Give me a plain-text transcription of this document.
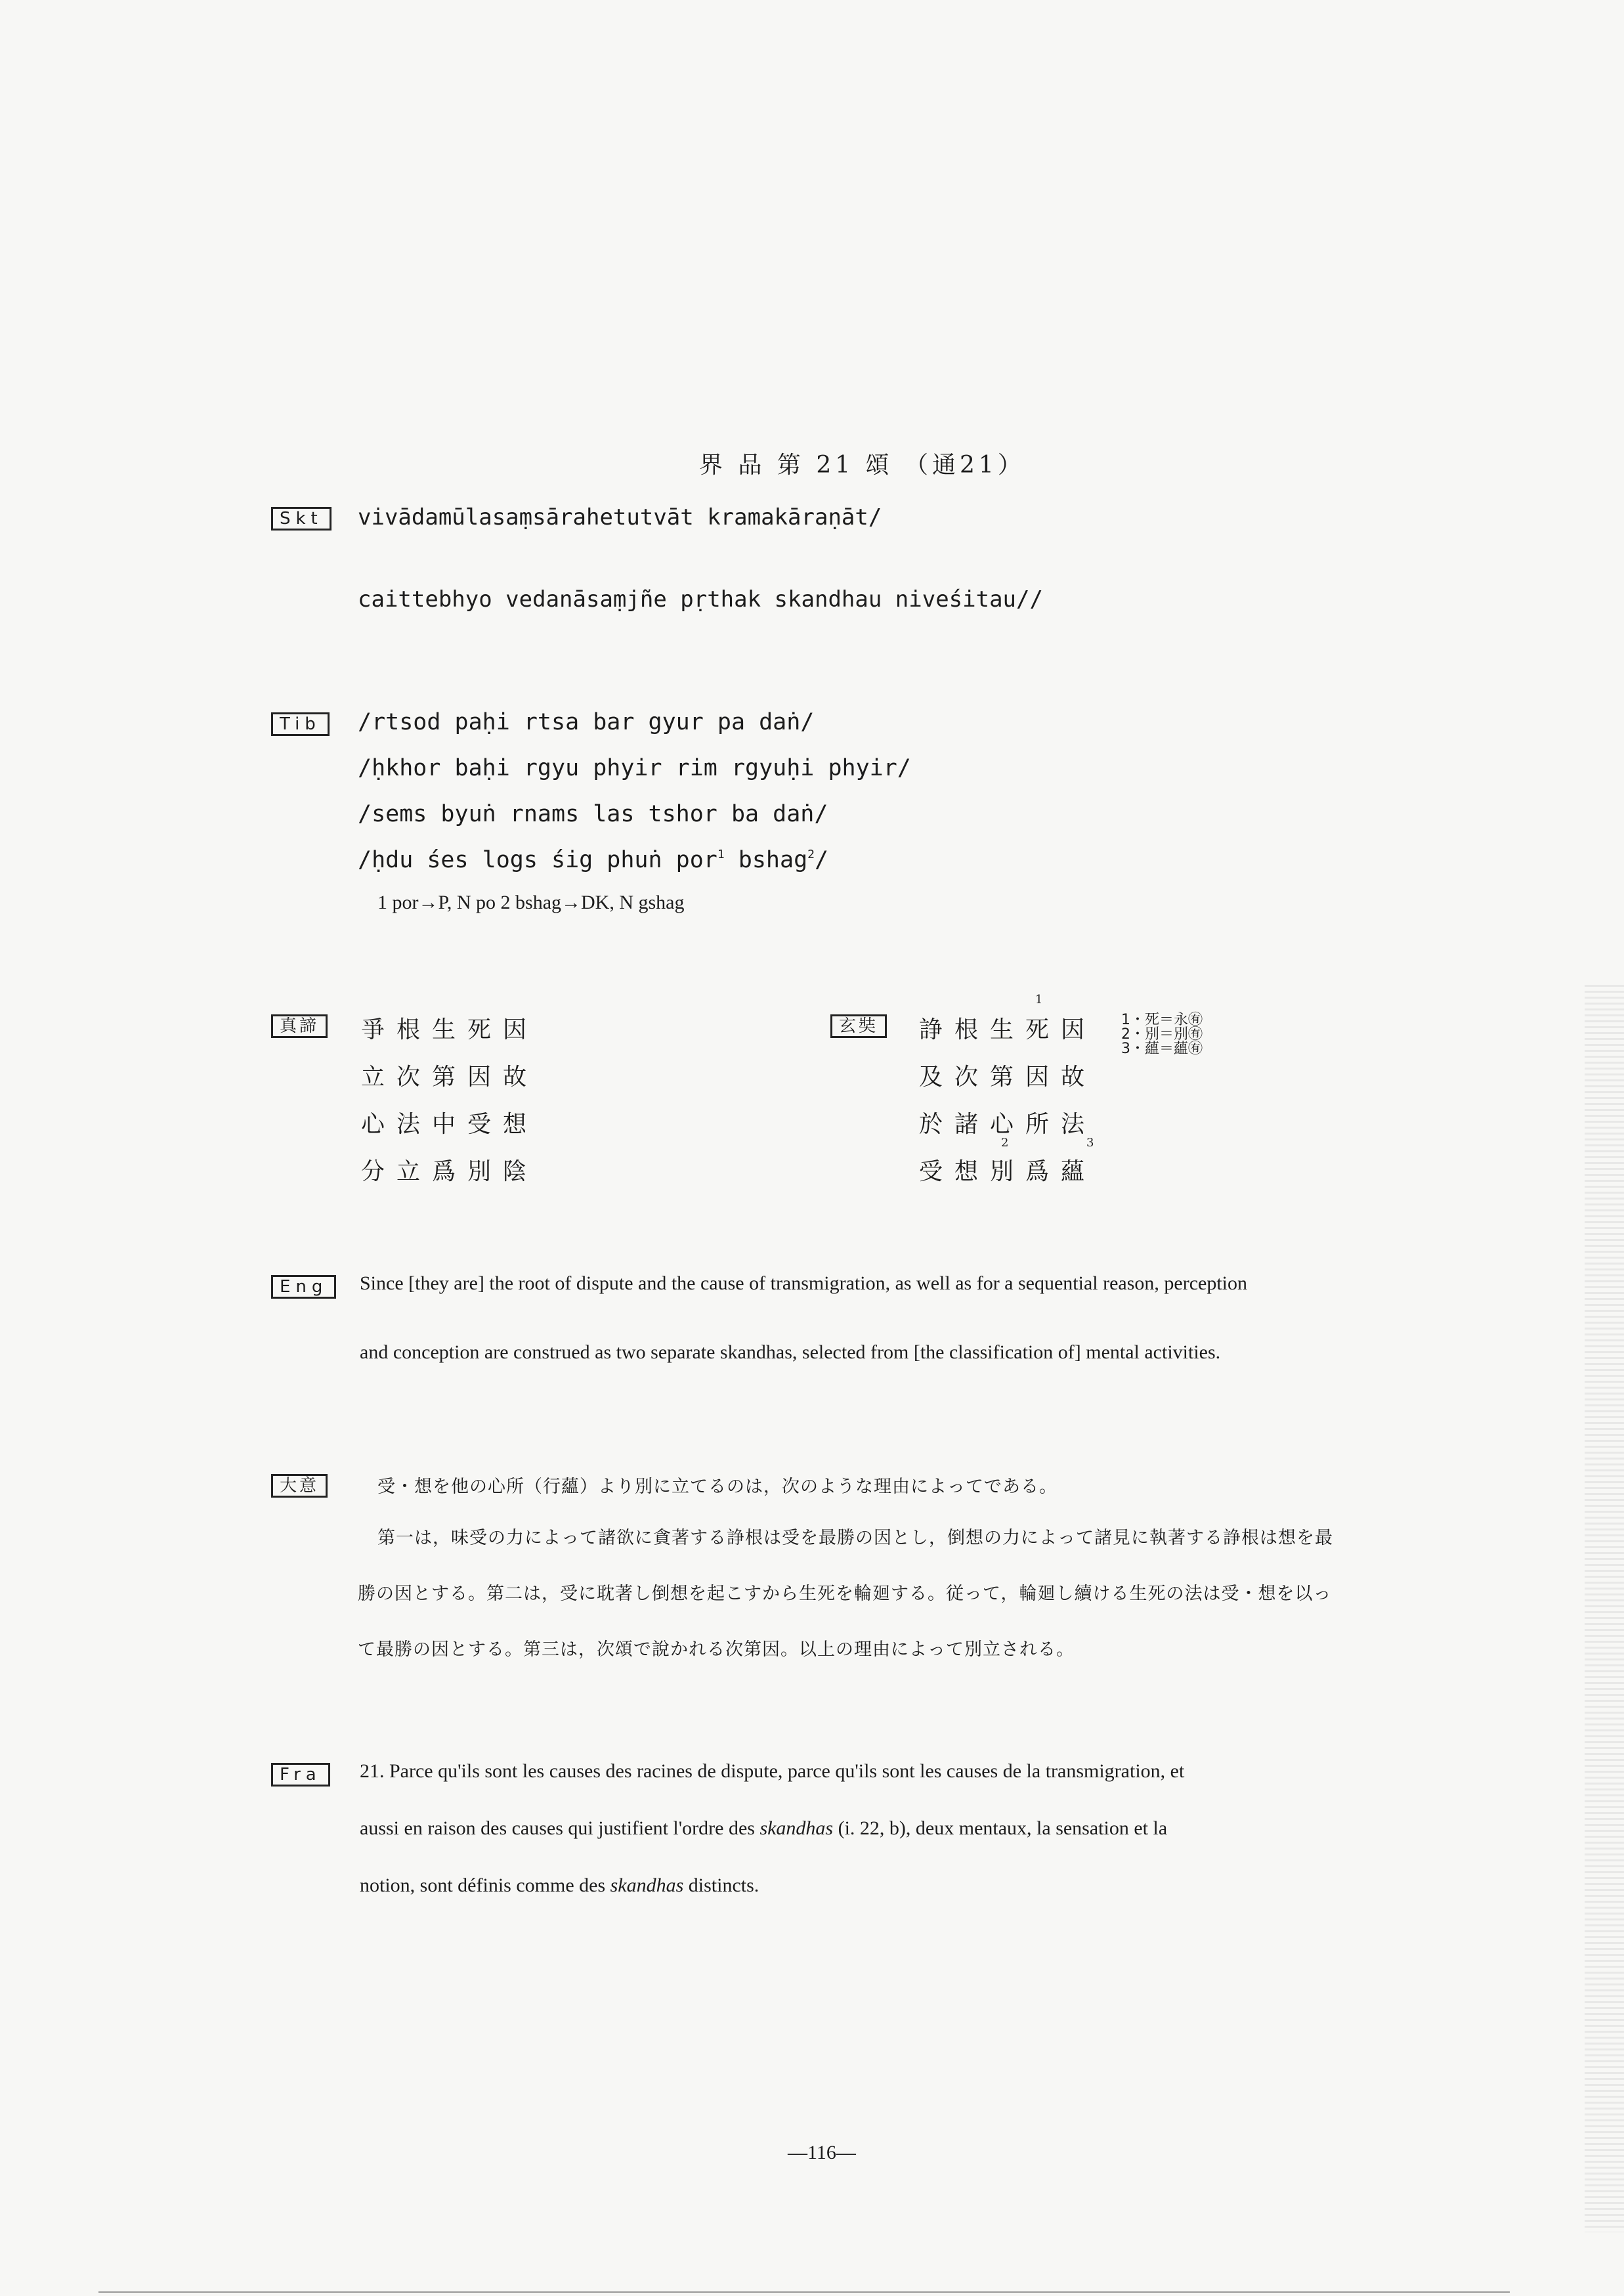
界 品 第 21 頌 （通21）
Skt	vivādamūlasaṃsārahetutvāt kramakāraṇāt/
caittebhyo vedanāsaṃjñe pṛthak skandhau niveśitau//
Tib	/rtsod paḥi rtsa bar gyur pa daṅ/
/ḥkhor baḥi rgyu phyir rim rgyuḥi phyir/
/sems byuṅ rnams las tshor ba daṅ/
/ḥdu śes logs śig phuṅ por$^1$ bshag$^2$/
1 por→P, N po 2 bshag→DK, N gshag
真諦	爭根生死因
立次第因故
心法中受想
分立爲別陰
玄奘
1
諍根生死因
及次第因故
於諸心所法
2	3
受想別爲蘊
1・死＝永㊒
2・別＝別㊒
3・蘊＝蘊㊒
Eng	Since [they are] the root of dispute and the cause of transmigration, as well as for a sequential reason, perception
and conception are construed as two separate skandhas, selected from [the classification of] mental activities.
大意	受・想を他の心所（行蘊）より別に立てるのは，次のような理由によってである。
第一は，味受の力によって諸欲に貪著する諍根は受を最勝の因とし，倒想の力によって諸見に執著する諍根は想を最
勝の因とする。第二は，受に耽著し倒想を起こすから生死を輪廻する。従って，輪廻し續ける生死の法は受・想を以っ
て最勝の因とする。第三は，次頌で說かれる次第因。以上の理由によって別立される。
Fra	21. Parce qu'ils sont les causes des racines de dispute, parce qu'ils sont les causes de la transmigration, et
aussi en raison des causes qui justifient l'ordre des skandhas (i. 22, b), deux mentaux, la sensation et la
notion, sont définis comme des skandhas distincts.
—116—
